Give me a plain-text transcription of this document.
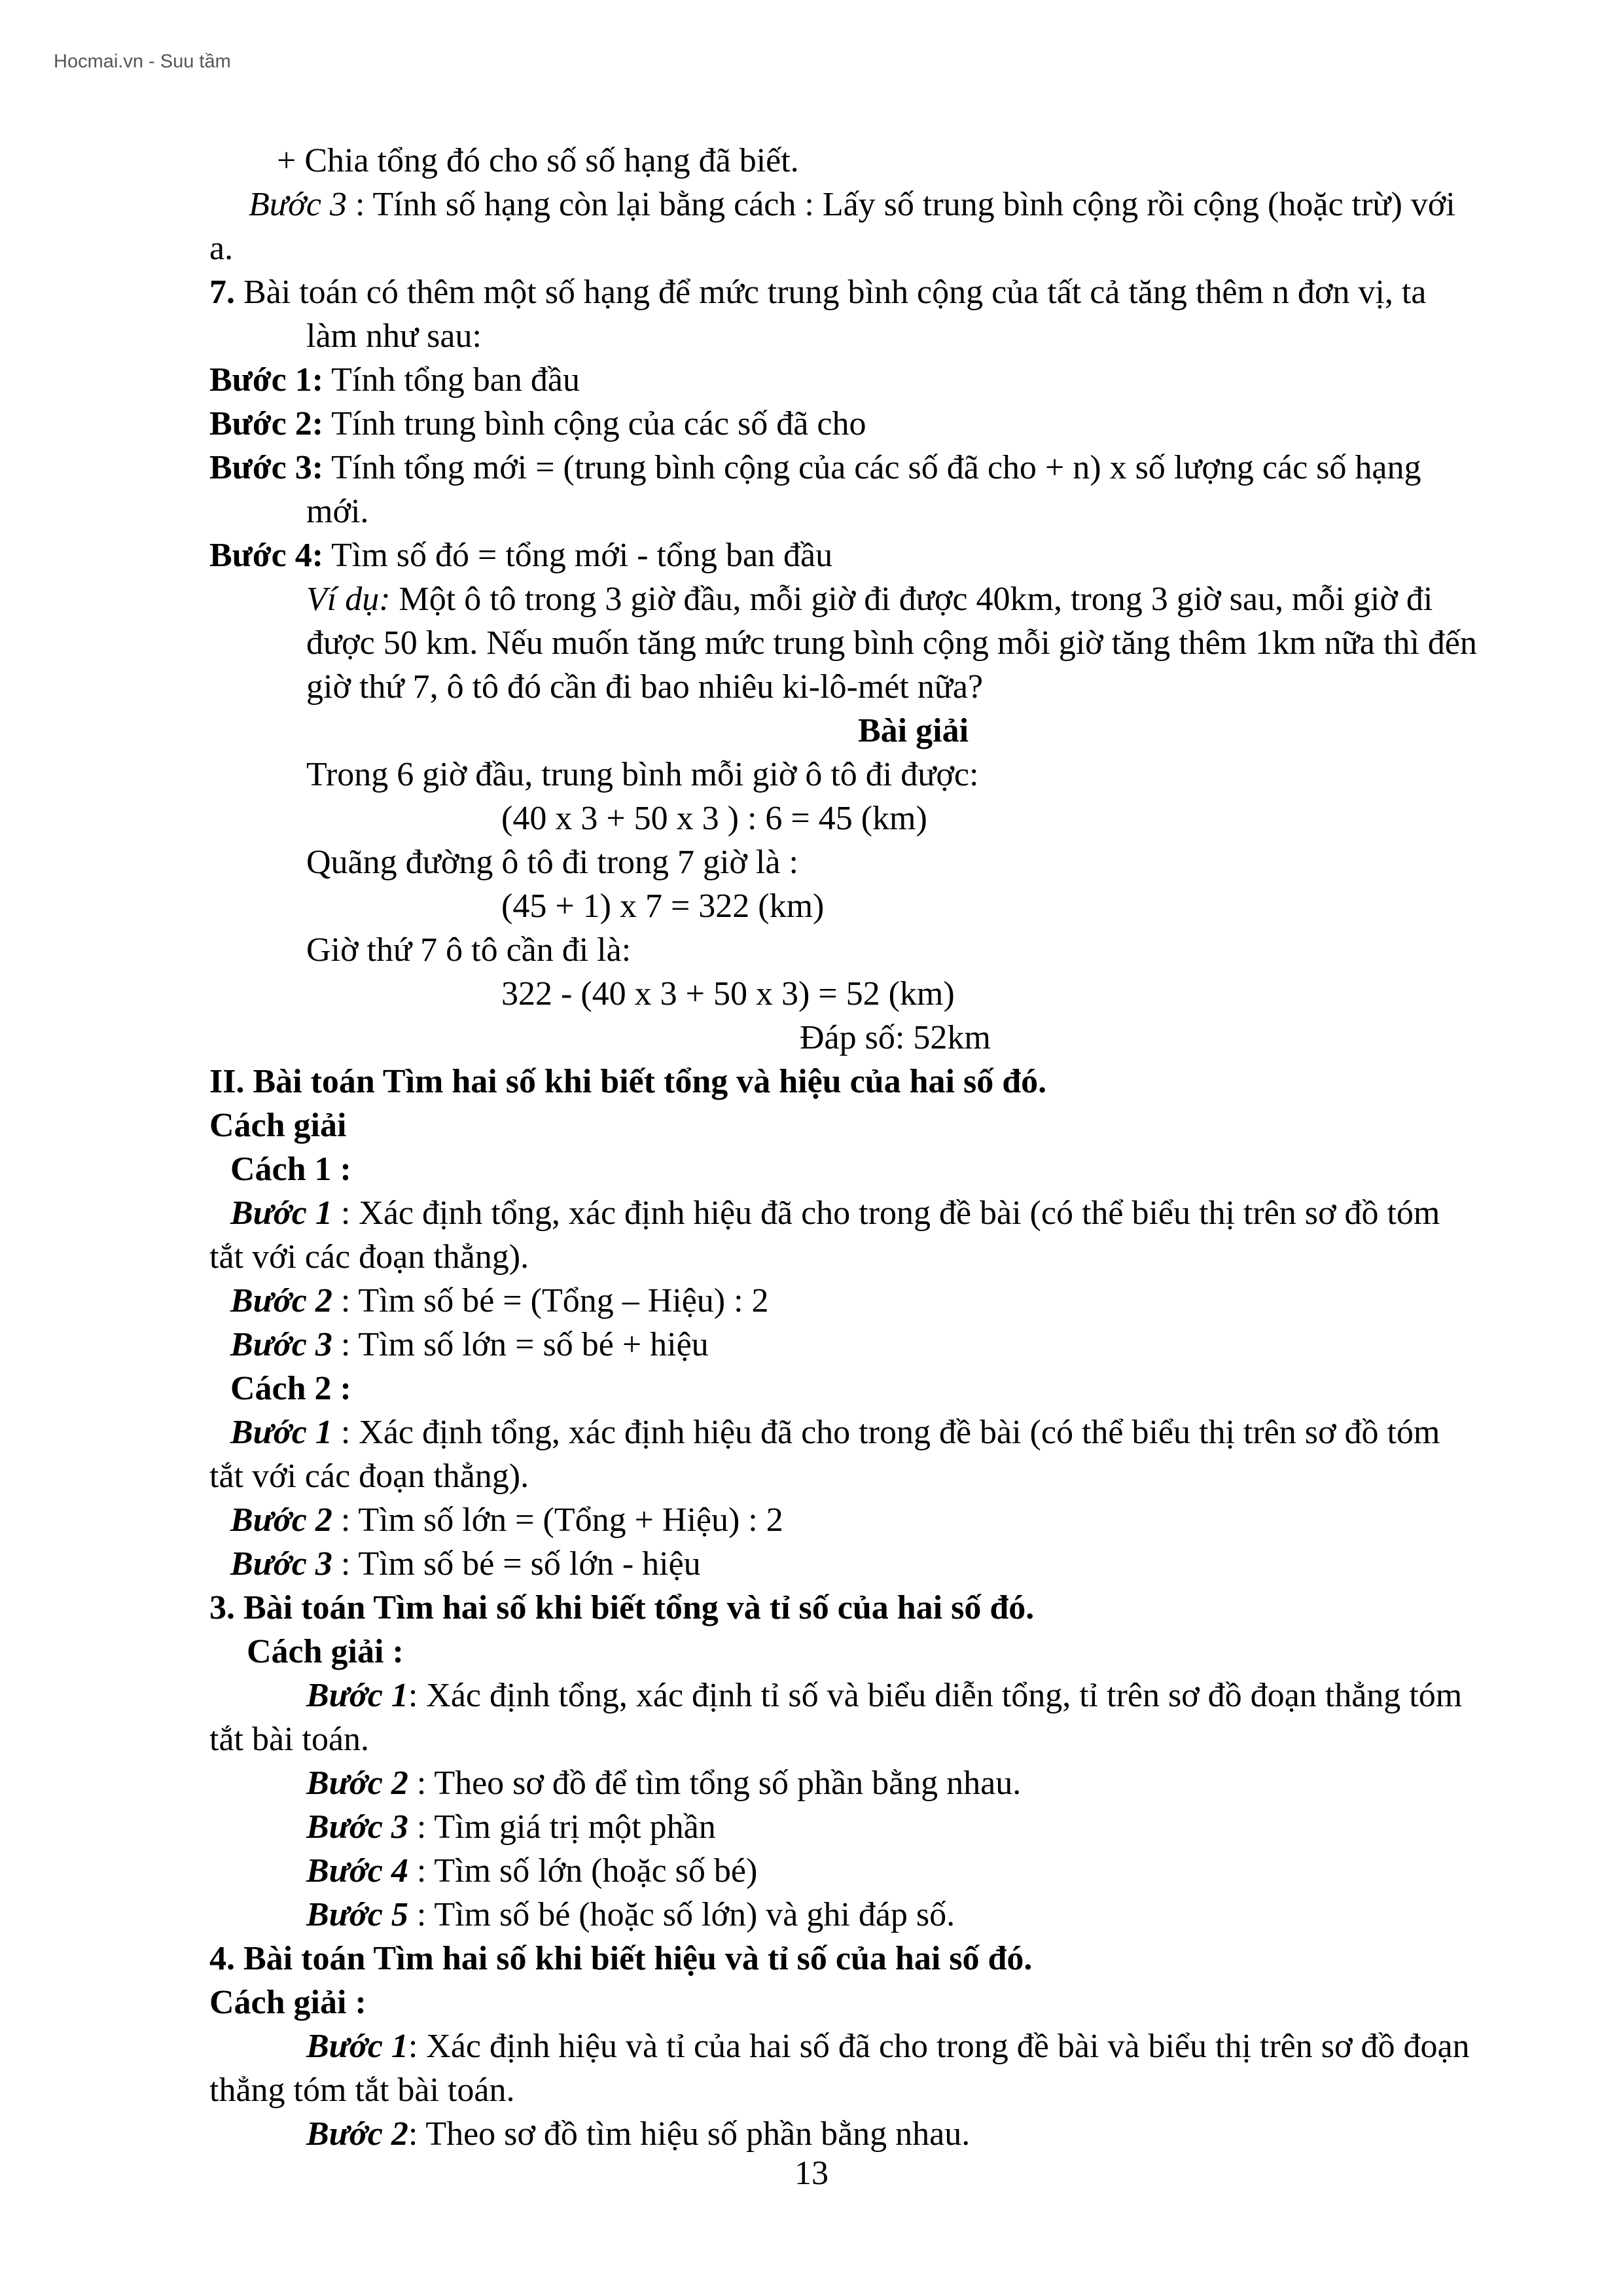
Hocmai.vn - Suu tầm

+ Chia tổng đó cho số số hạng đã biết.

Bước 3 : Tính số hạng còn lại bằng cách : Lấy số trung bình cộng rồi cộng (hoặc trừ) với

a.

7. Bài toán có thêm một số hạng để mức trung bình cộng của tất cả tăng thêm n đơn vị, ta

làm như sau:

Bước 1: Tính tổng ban đầu

Bước 2: Tính trung bình cộng của các số đã cho

Bước 3: Tính tổng mới = (trung bình cộng của các số đã cho + n) x số lượng các số hạng

mới.

Bước 4: Tìm số đó = tổng mới - tổng ban đầu

Ví dụ: Một ô tô trong 3 giờ đầu, mỗi giờ đi được 40km, trong 3 giờ sau, mỗi giờ đi

được 50 km. Nếu muốn tăng mức trung bình cộng mỗi giờ tăng thêm 1km nữa thì đến

giờ thứ 7, ô tô đó cần đi bao nhiêu ki-lô-mét nữa?

Bài giải

Trong 6 giờ đầu, trung bình mỗi giờ ô tô đi được:

(40 x 3 + 50 x 3 ) : 6 = 45 (km)

Quãng đường ô tô đi trong 7 giờ là :

(45 + 1) x 7 = 322 (km)

Giờ thứ 7 ô tô cần đi là:

322 - (40 x 3 + 50 x 3) = 52 (km)

Đáp số: 52km

II. Bài toán Tìm hai số khi biết tổng và hiệu của hai số đó.

Cách giải

Cách 1 :

Bước 1 : Xác định tổng, xác định hiệu đã cho trong đề bài (có thể biểu thị trên sơ đồ tóm

tắt với các đoạn thẳng).

Bước 2 : Tìm số bé = (Tổng – Hiệu) : 2

Bước 3 : Tìm số lớn = số bé + hiệu

Cách 2 :

Bước 1 : Xác định tổng, xác định hiệu đã cho trong đề bài (có thể biểu thị trên sơ đồ tóm

tắt với các đoạn thẳng).

Bước 2 : Tìm số lớn = (Tổng + Hiệu) : 2

Bước 3 : Tìm số bé = số lớn - hiệu

3. Bài toán Tìm hai số khi biết tổng và tỉ số của hai số đó.

Cách giải :

Bước 1: Xác định tổng, xác định tỉ số và biểu diễn tổng, tỉ trên sơ đồ đoạn thẳng tóm

tắt bài toán.

Bước 2 : Theo sơ đồ để tìm tổng số phần bằng nhau.

Bước 3 : Tìm giá trị một phần

Bước 4 : Tìm số lớn (hoặc số bé)

Bước 5 : Tìm số bé (hoặc số lớn) và ghi đáp số.

4. Bài toán Tìm hai số khi biết hiệu và tỉ số của hai số đó.

Cách giải :

Bước 1: Xác định hiệu và tỉ của hai số đã cho trong đề bài và biểu thị trên sơ đồ đoạn

thẳng tóm tắt bài toán.

Bước 2: Theo sơ đồ tìm hiệu số phần bằng nhau.

13
